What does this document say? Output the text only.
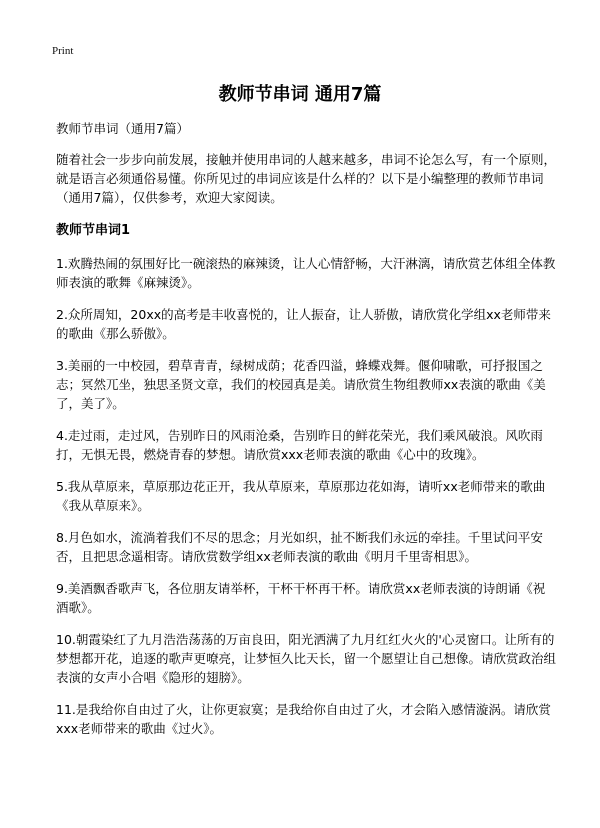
Print
教师节串词 通用7篇

教师节串词（通用7篇）

随着社会一步步向前发展，接触并使用串词的人越来越多，串词不论怎么写，有一个原则，就是语言必须通俗易懂。你所见过的串词应该是什么样的？以下是小编整理的教师节串词（通用7篇），仅供参考，欢迎大家阅读。

教师节串词1

1.欢腾热闹的氛围好比一碗滚热的麻辣烫，让人心情舒畅，大汗淋漓，请欣赏艺体组全体教师表演的歌舞《麻辣烫》。

2.众所周知，20xx的高考是丰收喜悦的，让人振奋，让人骄傲，请欣赏化学组xx老师带来的歌曲《那么骄傲》。

3.美丽的一中校园，碧草青青，绿树成荫；花香四溢，蜂蝶戏舞。偃仰啸歌，可抒报国之志；冥然兀坐，独思圣贤文章，我们的校园真是美。请欣赏生物组教师xx表演的歌曲《美了，美了》。

4.走过雨，走过风，告别昨日的风雨沧桑，告别昨日的鲜花荣光，我们乘风破浪。风吹雨打，无惧无畏，燃烧青春的梦想。请欣赏xxx老师表演的歌曲《心中的玫瑰》。

5.我从草原来，草原那边花正开，我从草原来，草原那边花如海，请听xx老师带来的歌曲《我从草原来》。

8.月色如水，流淌着我们不尽的思念；月光如织，扯不断我们永远的牵挂。千里试问平安否，且把思念遥相寄。请欣赏数学组xx老师表演的歌曲《明月千里寄相思》。

9.美酒飘香歌声飞，各位朋友请举杯，干杯干杯再干杯。请欣赏xx老师表演的诗朗诵《祝酒歌》。

10.朝霞染红了九月浩浩荡荡的万亩良田，阳光洒满了九月红红火火的'心灵窗口。让所有的梦想都开花，追逐的歌声更嘹亮，让梦恒久比天长，留一个愿望让自己想像。请欣赏政治组表演的女声小合唱《隐形的翅膀》。

11.是我给你自由过了火，让你更寂寞；是我给你自由过了火，才会陷入感情漩涡。请欣赏xxx老师带来的歌曲《过火》。
